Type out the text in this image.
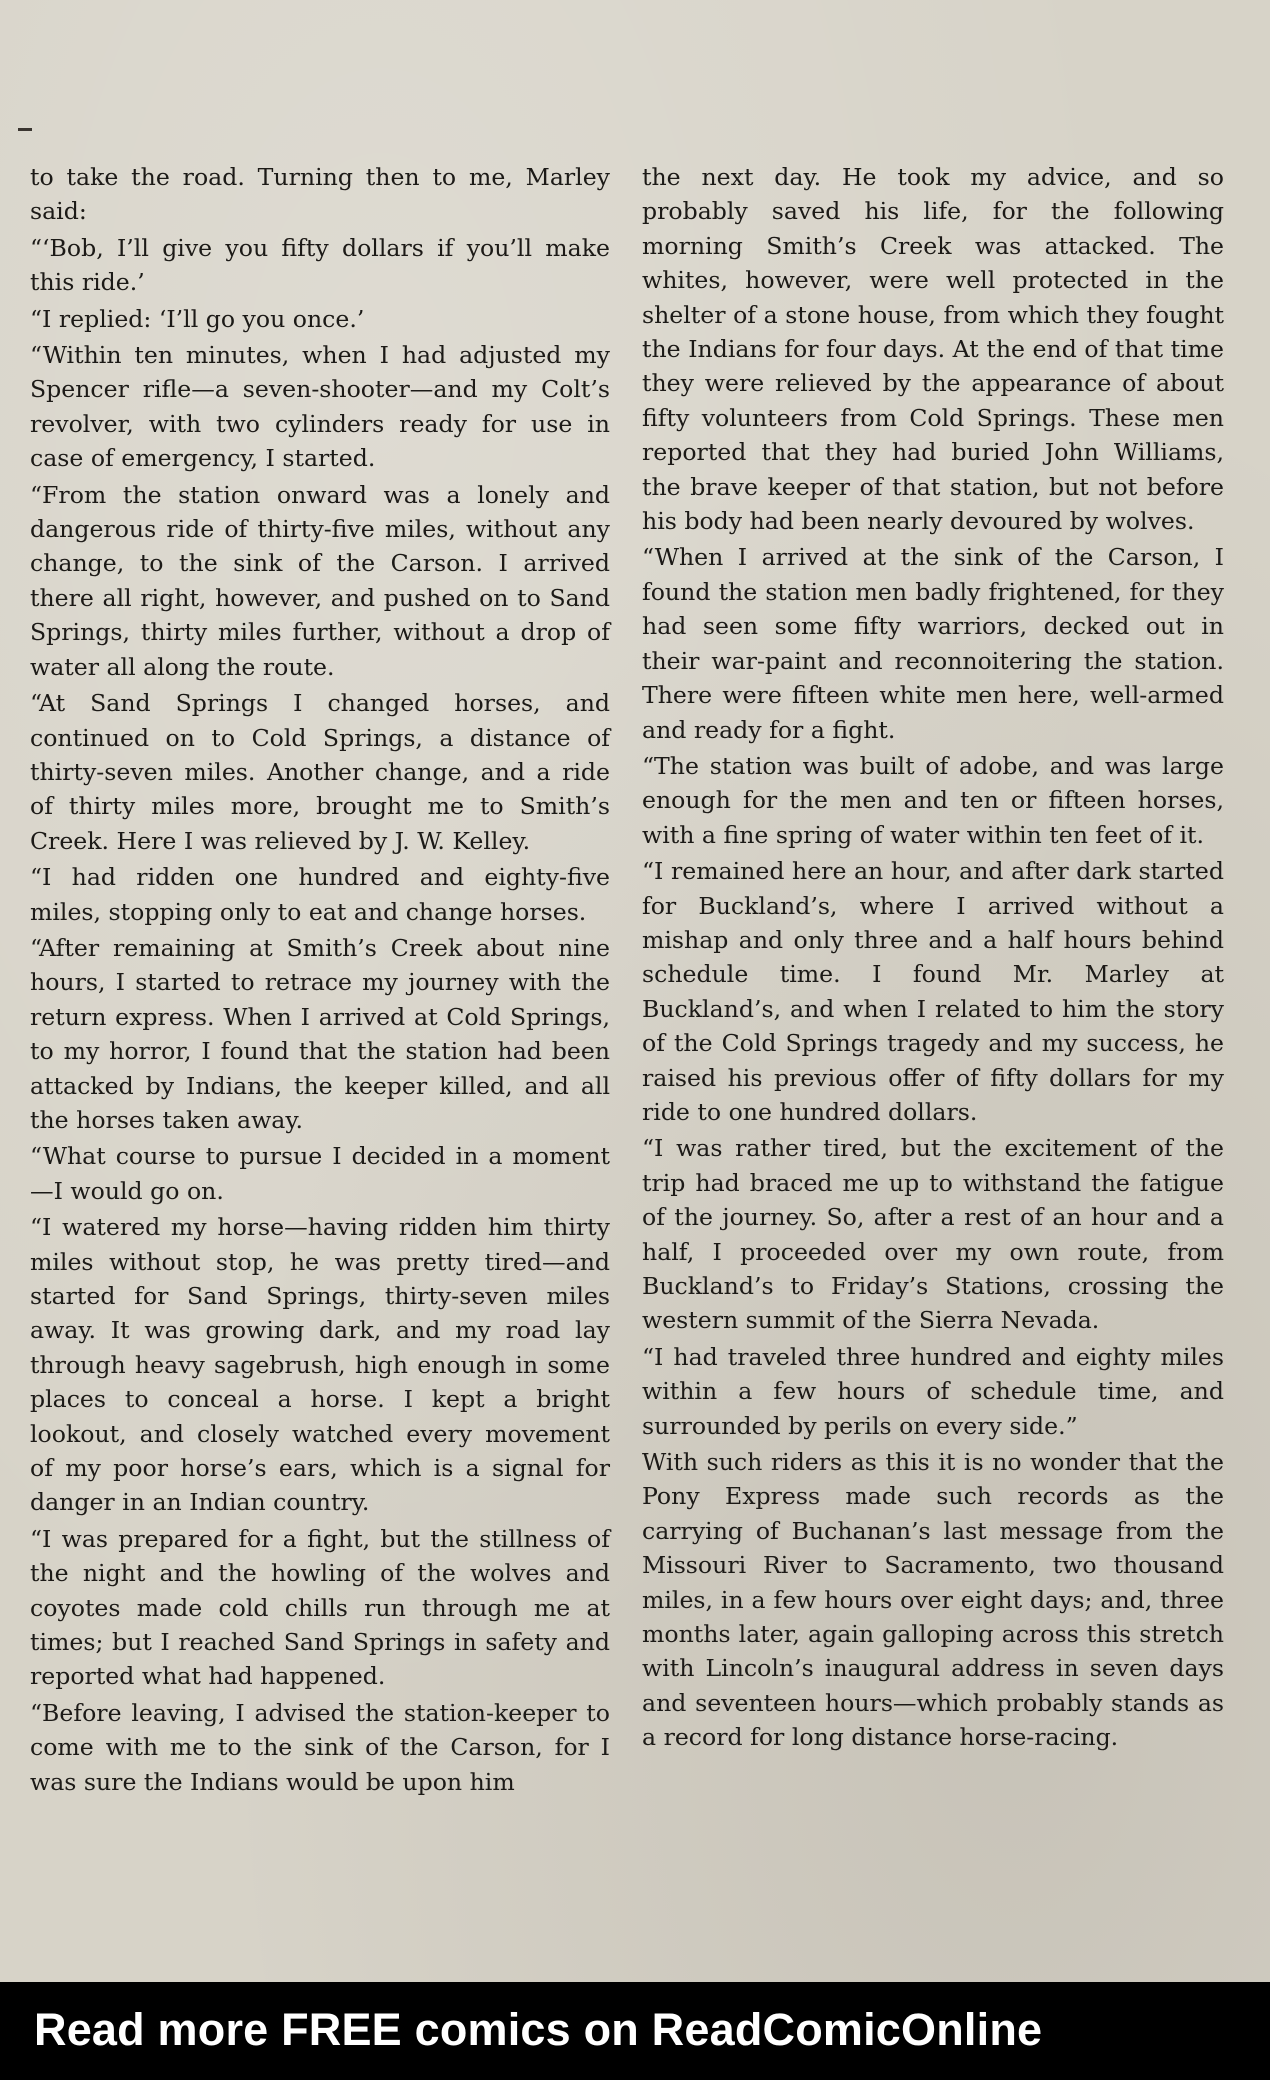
to take the road. Turning then to me, Marley said:

“‘Bob, I’ll give you fifty dollars if you’ll make this ride.’

“I replied: ‘I’ll go you once.’

“Within ten minutes, when I had adjusted my Spencer rifle—a seven-shooter—and my Colt’s revolver, with two cylinders ready for use in case of emergency, I started.

“From the station onward was a lonely and dangerous ride of thirty-five miles, without any change, to the sink of the Carson. I arrived there all right, however, and pushed on to Sand Springs, thirty miles further, without a drop of water all along the route.

“At Sand Springs I changed horses, and continued on to Cold Springs, a distance of thirty-seven miles. Another change, and a ride of thirty miles more, brought me to Smith’s Creek. Here I was relieved by J. W. Kelley.

“I had ridden one hundred and eighty-five miles, stopping only to eat and change horses.

“After remaining at Smith’s Creek about nine hours, I started to retrace my journey with the return express. When I arrived at Cold Springs, to my horror, I found that the station had been attacked by Indians, the keeper killed, and all the horses taken away.

“What course to pursue I decided in a moment—I would go on.

“I watered my horse—having ridden him thirty miles without stop, he was pretty tired—and started for Sand Springs, thirty-seven miles away. It was growing dark, and my road lay through heavy sagebrush, high enough in some places to conceal a horse. I kept a bright lookout, and closely watched every movement of my poor horse’s ears, which is a signal for danger in an Indian country.

“I was prepared for a fight, but the stillness of the night and the howling of the wolves and coyotes made cold chills run through me at times; but I reached Sand Springs in safety and reported what had happened.

“Before leaving, I advised the station-keeper to come with me to the sink of the Carson, for I was sure the Indians would be upon him

the next day. He took my advice, and so probably saved his life, for the following morning Smith’s Creek was attacked. The whites, however, were well protected in the shelter of a stone house, from which they fought the Indians for four days. At the end of that time they were relieved by the appearance of about fifty volunteers from Cold Springs. These men reported that they had buried John Williams, the brave keeper of that station, but not before his body had been nearly devoured by wolves.

“When I arrived at the sink of the Carson, I found the station men badly frightened, for they had seen some fifty warriors, decked out in their war-paint and reconnoitering the station. There were fifteen white men here, well-armed and ready for a fight.

“The station was built of adobe, and was large enough for the men and ten or fifteen horses, with a fine spring of water within ten feet of it.

“I remained here an hour, and after dark started for Buckland’s, where I arrived without a mishap and only three and a half hours behind schedule time. I found Mr. Marley at Buckland’s, and when I related to him the story of the Cold Springs tragedy and my success, he raised his previous offer of fifty dollars for my ride to one hundred dollars.

“I was rather tired, but the excitement of the trip had braced me up to withstand the fatigue of the journey. So, after a rest of an hour and a half, I proceeded over my own route, from Buckland’s to Friday’s Stations, crossing the western summit of the Sierra Nevada.

“I had traveled three hundred and eighty miles within a few hours of schedule time, and surrounded by perils on every side.”

With such riders as this it is no wonder that the Pony Express made such records as the carrying of Buchanan’s last message from the Missouri River to Sacramento, two thousand miles, in a few hours over eight days; and, three months later, again galloping across this stretch with Lincoln’s inaugural address in seven days and seventeen hours—which probably stands as a record for long distance horse-racing.

Read more FREE comics on ReadComicOnline
